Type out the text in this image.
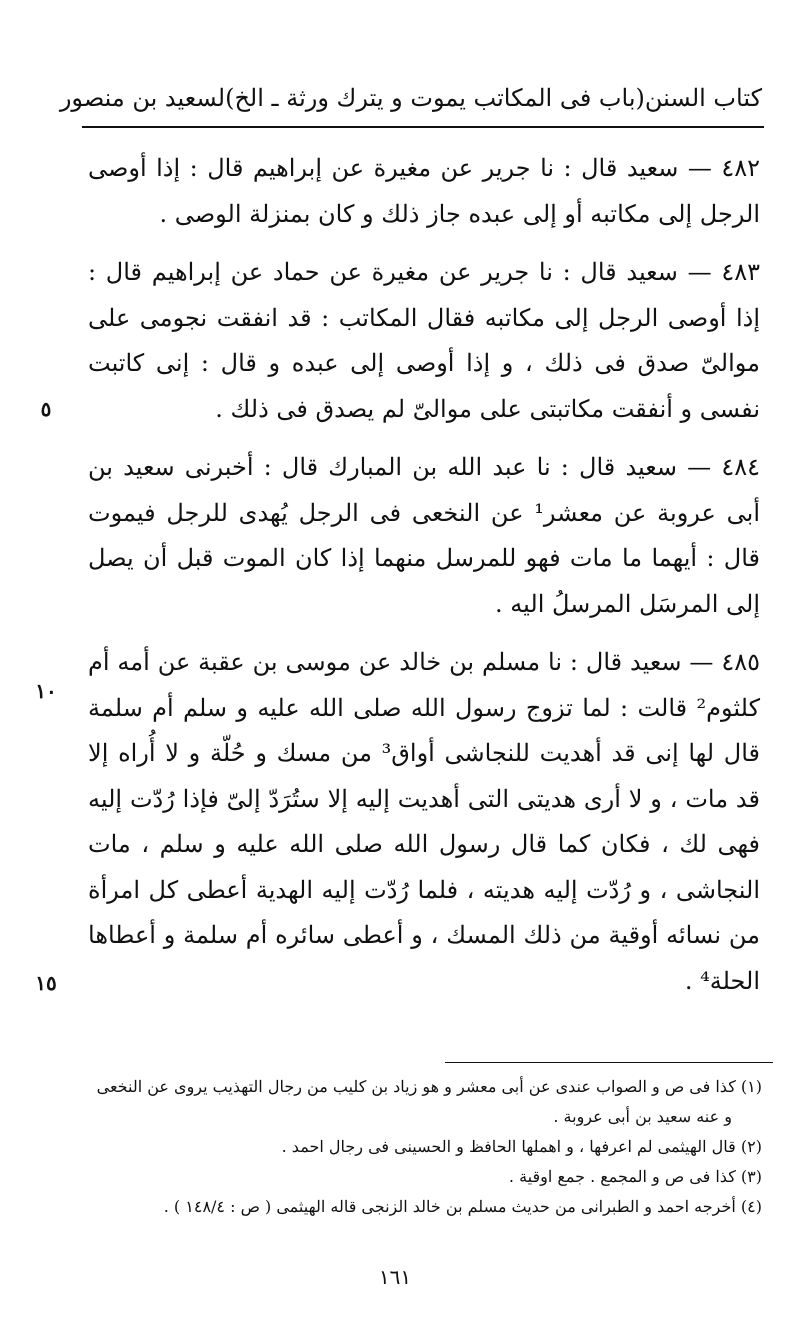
كتاب السنن
(باب فى المكاتب يموت و يترك ورثة ـ الخ)
لسعيد بن منصور

٤٨٢ — سعيد قال : نا جرير عن مغيرة عن إبراهيم قال : إذا أوصى الرجل إلى مكاتبه أو إلى عبده جاز ذلك و كان بمنزلة الوصى .

٤٨٣ — سعيد قال : نا جرير عن مغيرة عن حماد عن إبراهيم قال : إذا أوصى الرجل إلى مكاتبه فقال المكاتب : قد انفقت نجومى على موالىّ صدق فى ذلك ، و إذا أوصى إلى عبده و قال : إنى كاتبت نفسى و أنفقت مكاتبتى على موالىّ لم يصدق فى ذلك .

٤٨٤ — سعيد قال : نا عبد الله بن المبارك قال : أخبرنى سعيد بن أبى عروبة عن معشر¹ عن النخعى فى الرجل يُهدى للرجل فيموت قال : أيهما ما مات فهو للمرسل منهما إذا كان الموت قبل أن يصل إلى المرسَل المرسلُ اليه .

٤٨٥ — سعيد قال : نا مسلم بن خالد عن موسى بن عقبة عن أمه أم كلثوم² قالت : لما تزوج رسول الله صلى الله عليه و سلم أم سلمة قال لها إنى قد أهديت للنجاشى أواق³ من مسك و حُلّة و لا أُراه إلا قد مات ، و لا أرى هديتى التى أهديت إليه إلا ستُرَدّ إلىّ فإذا رُدّت إليه فهى لك ، فكان كما قال رسول الله صلى الله عليه و سلم ، مات النجاشى ، و رُدّت إليه هديته ، فلما رُدّت إليه الهدية أعطى كل امرأة من نسائه أوقية من ذلك المسك ، و أعطى سائره أم سلمة و أعطاها الحلة⁴ .

٥
١٠
١٥

(١) كذا فى ص و الصواب عندى عن أبى معشر و هو زياد بن كليب من رجال التهذيب يروى عن النخعى

و عنه سعيد بن أبى عروبة .

(٢) قال الهيثمى لم اعرفها ، و اهملها الحافظ و الحسينى فى رجال احمد .

(٣) كذا فى ص و المجمع . جمع اوقية .

(٤) أخرجه احمد و الطبرانى من حديث مسلم بن خالد الزنجى قاله الهيثمى ( ص : ١٤٨/٤ ) .

١٦١
